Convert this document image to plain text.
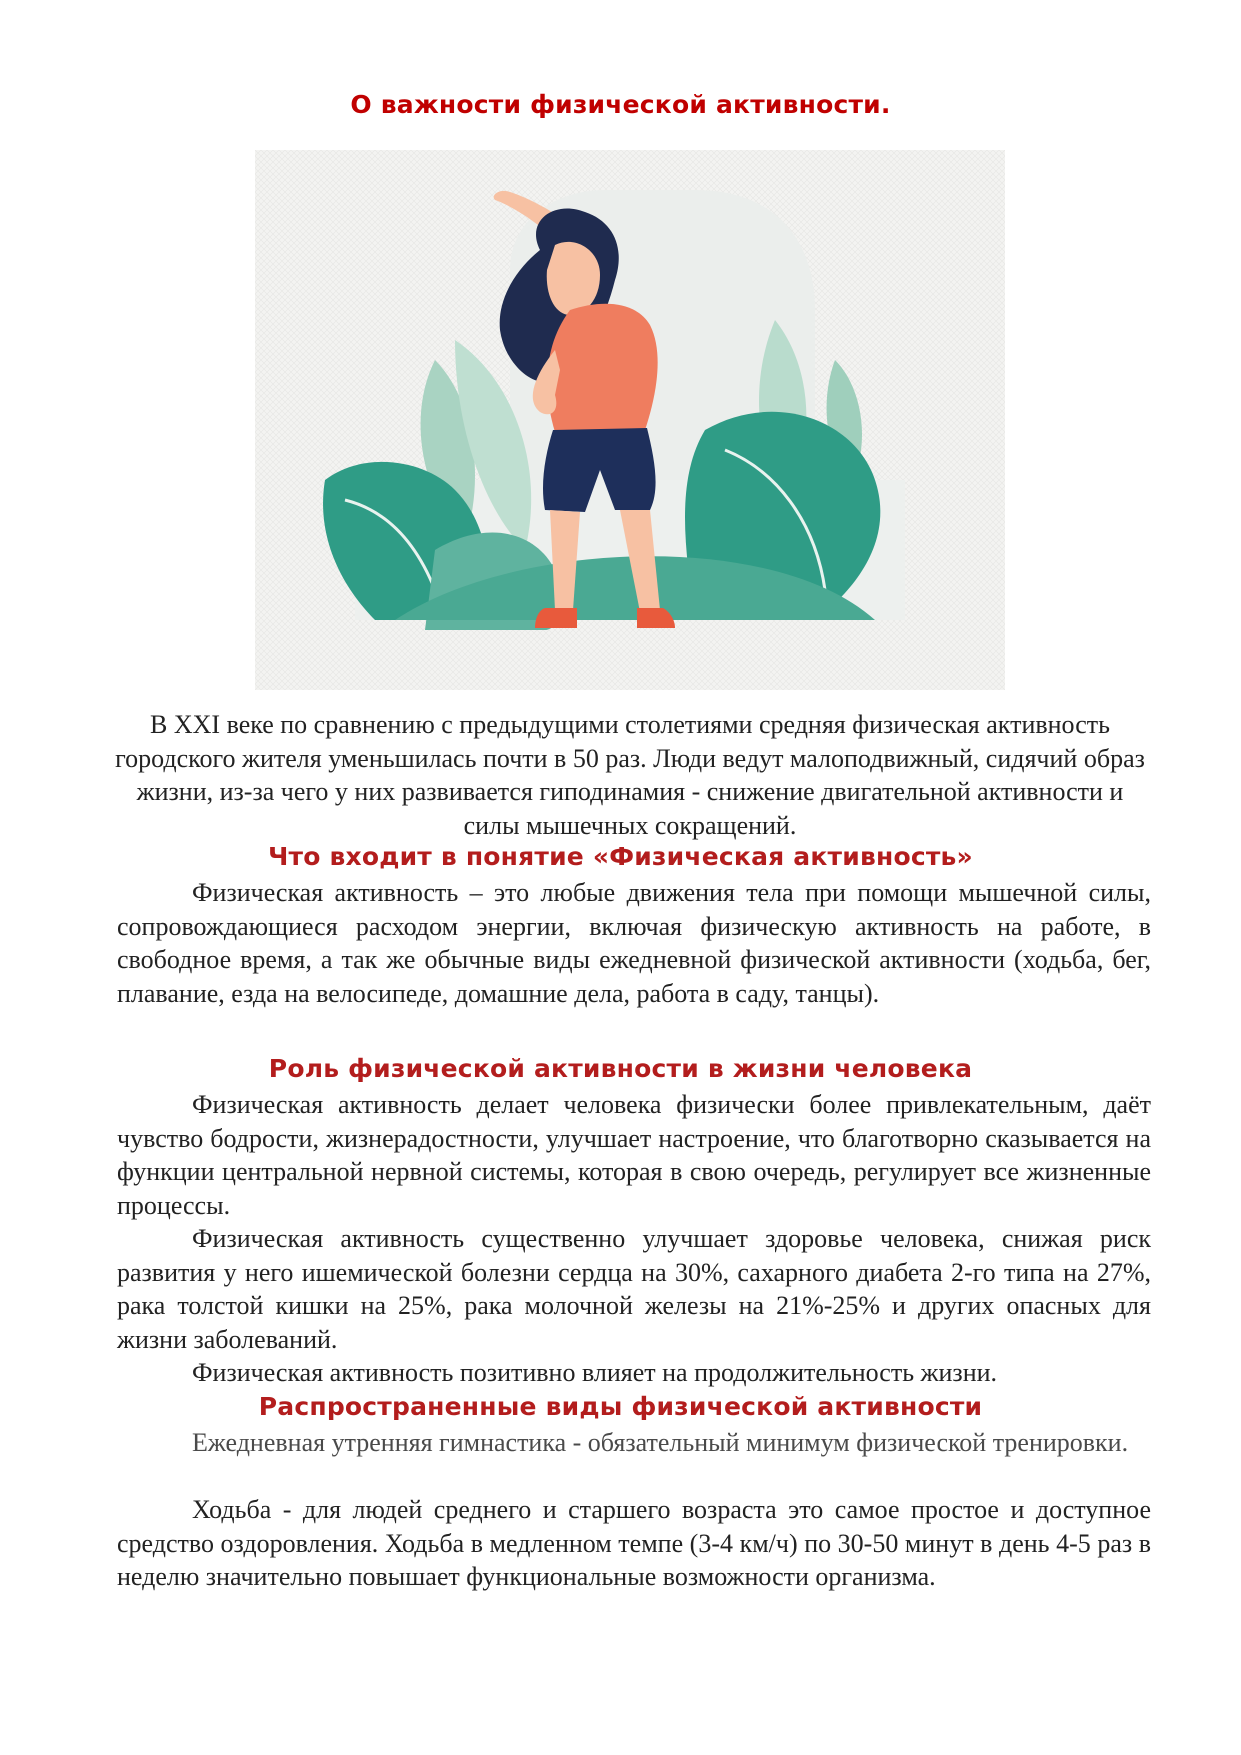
О важности физической активности.
В XXI веке по сравнению с предыдущими столетиями средняя физическая активность городского жителя уменьшилась почти в 50 раз. Люди ведут малоподвижный, сидячий образ жизни, из-за чего у них развивается гиподинамия - снижение двигательной активности и силы мышечных сокращений.
Что входит в понятие «Физическая активность»
Физическая активность – это любые движения тела при помощи мышечной силы, сопровождающиеся расходом энергии, включая физическую активность на работе, в свободное время, а так же обычные виды ежедневной физической активности (ходьба, бег, плавание, езда на велосипеде, домашние дела, работа в саду, танцы).
Роль физической активности в жизни человека
Физическая активность делает человека физически более привлекательным, даёт чувство бодрости, жизнерадостности, улучшает настроение, что благотворно сказывается на функции центральной нервной системы, которая в свою очередь, регулирует все жизненные процессы.
Физическая активность существенно улучшает здоровье человека, снижая риск развития у него ишемической болезни сердца на 30%, сахарного диабета 2-го типа на 27%, рака толстой кишки на 25%, рака молочной железы на 21%-25% и других опасных для жизни заболеваний.
Физическая активность позитивно влияет на продолжительность жизни.
Распространенные виды физической активности
Ежедневная утренняя гимнастика - обязательный минимум физической тренировки.
Ходьба - для людей среднего и старшего возраста это самое простое и доступное средство оздоровления. Ходьба в медленном темпе (3-4 км/ч) по 30-50 минут в день 4-5 раз в неделю значительно повышает функциональные возможности организма.
